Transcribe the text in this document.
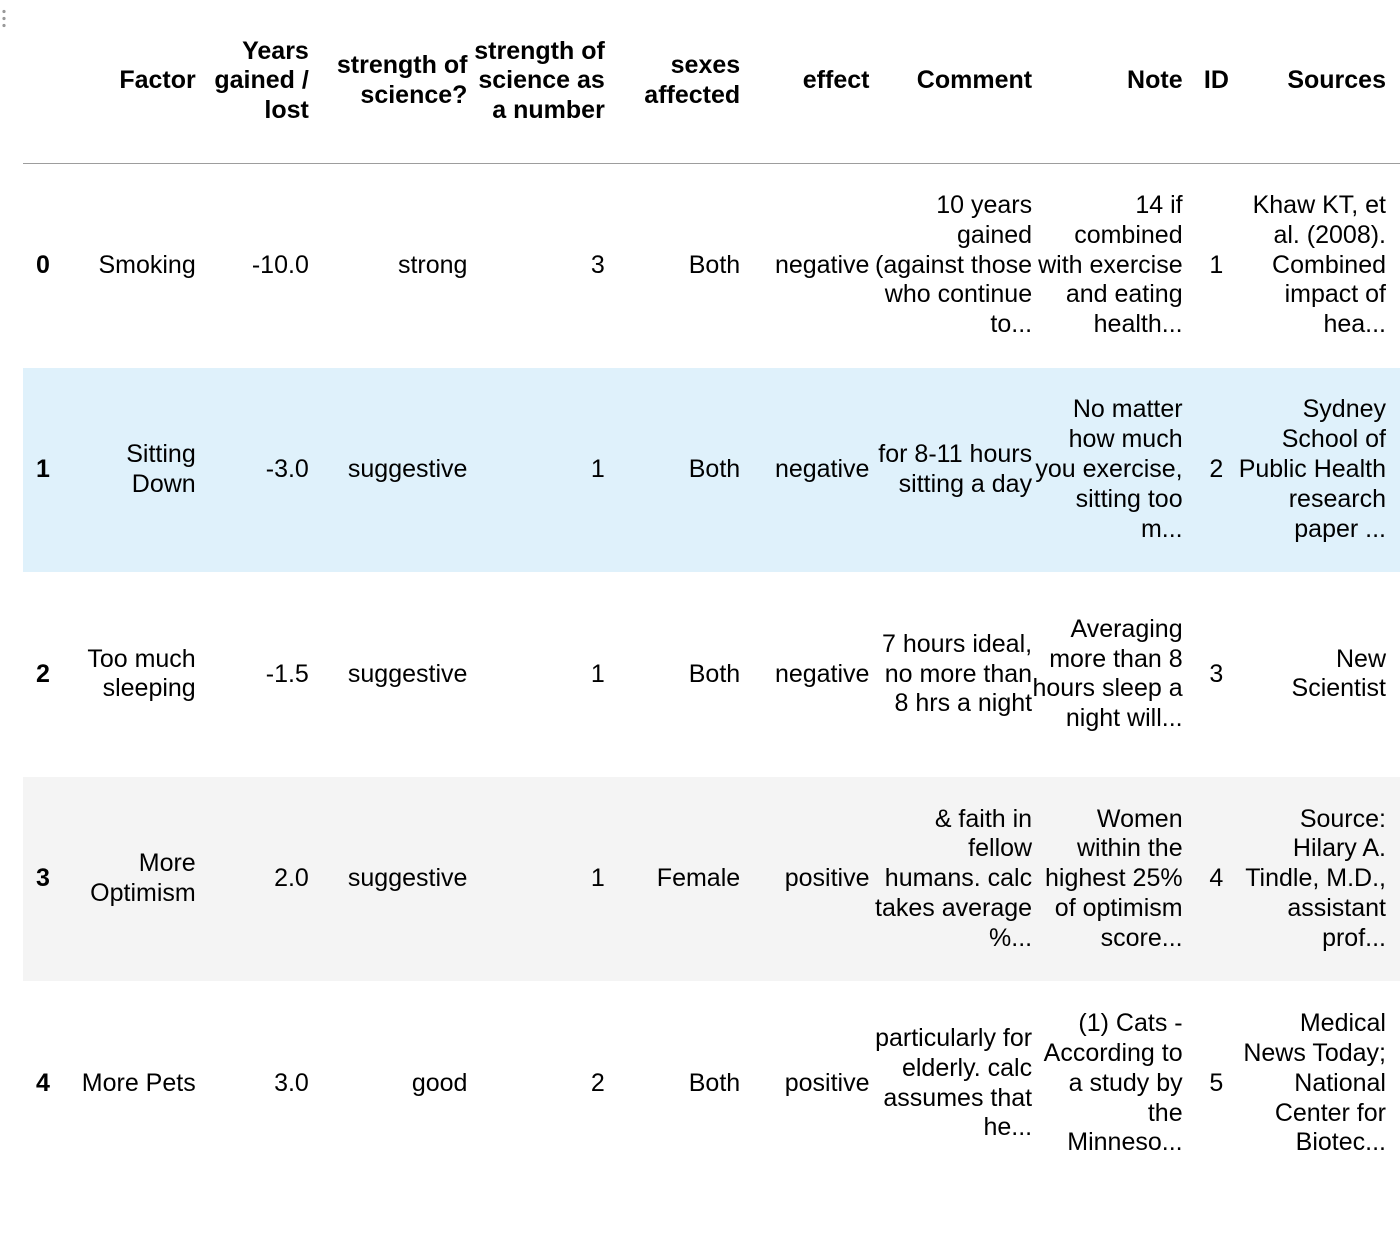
	Factor	Years gained / lost	strength of science?	strength of science as a number	sexes affected	effect	Comment	Note	ID	Sources
0	Smoking	-10.0	strong	3	Both	negative	10 years gained (against those who continue to...	14 if combined with exercise and eating health...	1	Khaw KT, et al. (2008). Combined impact of hea...
1	Sitting Down	-3.0	suggestive	1	Both	negative	for 8-11 hours sitting a day	No matter how much you exercise, sitting too m...	2	Sydney School of Public Health research paper ...
2	Too much sleeping	-1.5	suggestive	1	Both	negative	7 hours ideal, no more than 8 hrs a night	Averaging more than 8 hours sleep a night will...	3	New Scientist
3	More Optimism	2.0	suggestive	1	Female	positive	& faith in fellow humans. calc takes average %...	Women within the highest 25% of optimism score...	4	Source: Hilary A. Tindle, M.D., assistant prof...
4	More Pets	3.0	good	2	Both	positive	particularly for elderly. calc assumes that he...	(1) Cats - According to a study by the Minneso...	5	Medical News Today; National Center for Biotec...
